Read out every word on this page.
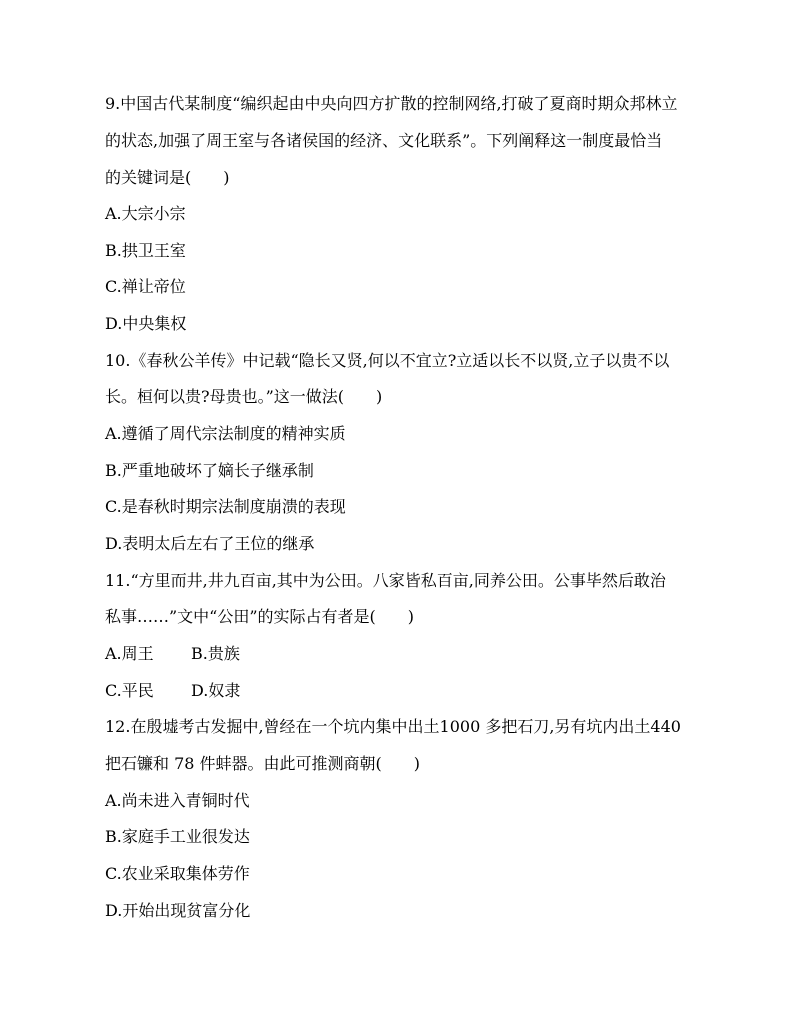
9.中国古代某制度“编织起由中央向四方扩散的控制网络,打破了夏商时期众邦林立
的状态,加强了周王室与各诸侯国的经济、文化联系”。下列阐释这一制度最恰当
的关键词是(　　)
A.大宗小宗
B.拱卫王室
C.禅让帝位
D.中央集权
10.《春秋公羊传》中记载“隐长又贤,何以不宜立?立适以长不以贤,立子以贵不以
长。桓何以贵?母贵也。”这一做法(　　)
A.遵循了周代宗法制度的精神实质
B.严重地破坏了嫡长子继承制
C.是春秋时期宗法制度崩溃的表现
D.表明太后左右了王位的继承
11.“方里而井,井九百亩,其中为公田。八家皆私百亩,同养公田。公事毕然后敢治
私事……”文中“公田”的实际占有者是(　　)
A.周王 B.贵族
C.平民 D.奴隶
12.在殷墟考古发掘中,曾经在一个坑内集中出土1000 多把石刀,另有坑内出土440
把石镰和 78 件蚌器。由此可推测商朝(　　)
A.尚未进入青铜时代
B.家庭手工业很发达
C.农业采取集体劳作
D.开始出现贫富分化
